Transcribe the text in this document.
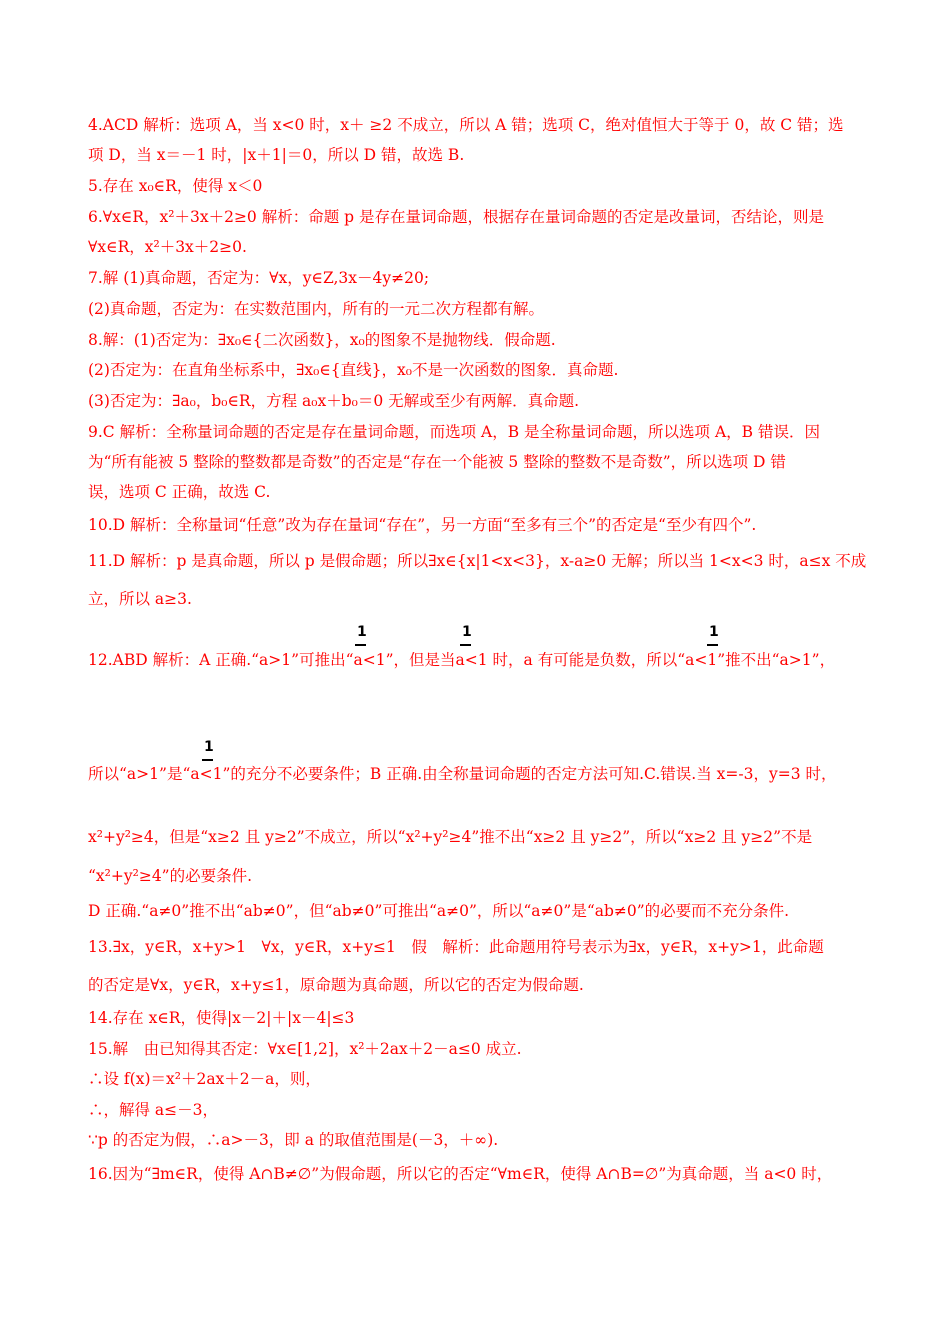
4.ACD 解析：选项 A，当 x<0 时，x＋ ≥2 不成立，所以 A 错；选项 C，绝对值恒大于等于 0，故 C 错；选
项 D，当 x＝－1 时，|x＋1|＝0，所以 D 错，故选 B.
5.存在 x₀∈R，使得 x＜0
6.∀x∈R，x²＋3x＋2≥0 解析：命题 p 是存在量词命题，根据存在量词命题的否定是改量词，否结论，则是
∀x∈R，x²＋3x＋2≥0.
7.解 (1)真命题，否定为：∀x，y∈Z,3x－4y≠20;
(2)真命题，否定为：在实数范围内，所有的一元二次方程都有解。
8.解：(1)否定为：∃x₀∈{二次函数}，x₀的图象不是抛物线．假命题.
(2)否定为：在直角坐标系中，∃x₀∈{直线}，x₀不是一次函数的图象．真命题.
(3)否定为：∃a₀，b₀∈R，方程 a₀x＋b₀＝0 无解或至少有两解．真命题.
9.C 解析：全称量词命题的否定是存在量词命题，而选项 A，B 是全称量词命题，所以选项 A，B 错误．因
为“所有能被 5 整除的整数都是奇数”的否定是“存在一个能被 5 整除的整数不是奇数”，所以选项 D 错
误，选项 C 正确，故选 C.
10.D 解析：全称量词“任意”改为存在量词“存在”，另一方面“至多有三个”的否定是“至少有四个”.
11.D 解析：p 是真命题，所以 p 是假命题；所以∃x∈{x|1<x<3}，x-a≥0 无解；所以当 1<x<3 时，a≤x 不成
立，所以 a≥3.
12.ABD 解析：A 正确.“a>1”可推出“a<1”，但是当a<1 时，a 有可能是负数，所以“a<1”推不出“a>1”，
所以“a>1”是“a<1”的充分不必要条件；B 正确.由全称量词命题的否定方法可知.C.错误.当 x=-3，y=3 时，
x²+y²≥4，但是“x≥2 且 y≥2”不成立，所以“x²+y²≥4”推不出“x≥2 且 y≥2”，所以“x≥2 且 y≥2”不是
“x²+y²≥4”的必要条件.
D 正确.“a≠0”推不出“ab≠0”，但“ab≠0”可推出“a≠0”，所以“a≠0”是“ab≠0”的必要而不充分条件.
13.∃x，y∈R，x+y>1　∀x，y∈R，x+y≤1　假　解析：此命题用符号表示为∃x，y∈R，x+y>1，此命题
的否定是∀x，y∈R，x+y≤1，原命题为真命题，所以它的否定为假命题.
14.存在 x∈R，使得|x－2|＋|x－4|≤3
15.解　由已知得其否定：∀x∈[1,2]，x²＋2ax＋2－a≤0 成立.
∴设 f(x)＝x²＋2ax＋2－a，则，
∴，解得 a≤－3，
∵p 的否定为假，∴a>－3，即 a 的取值范围是(－3，＋∞).
16.因为“∃m∈R，使得 A∩B≠∅”为假命题，所以它的否定“∀m∈R，使得 A∩B=∅”为真命题，当 a<0 时，
1	1	1
1
